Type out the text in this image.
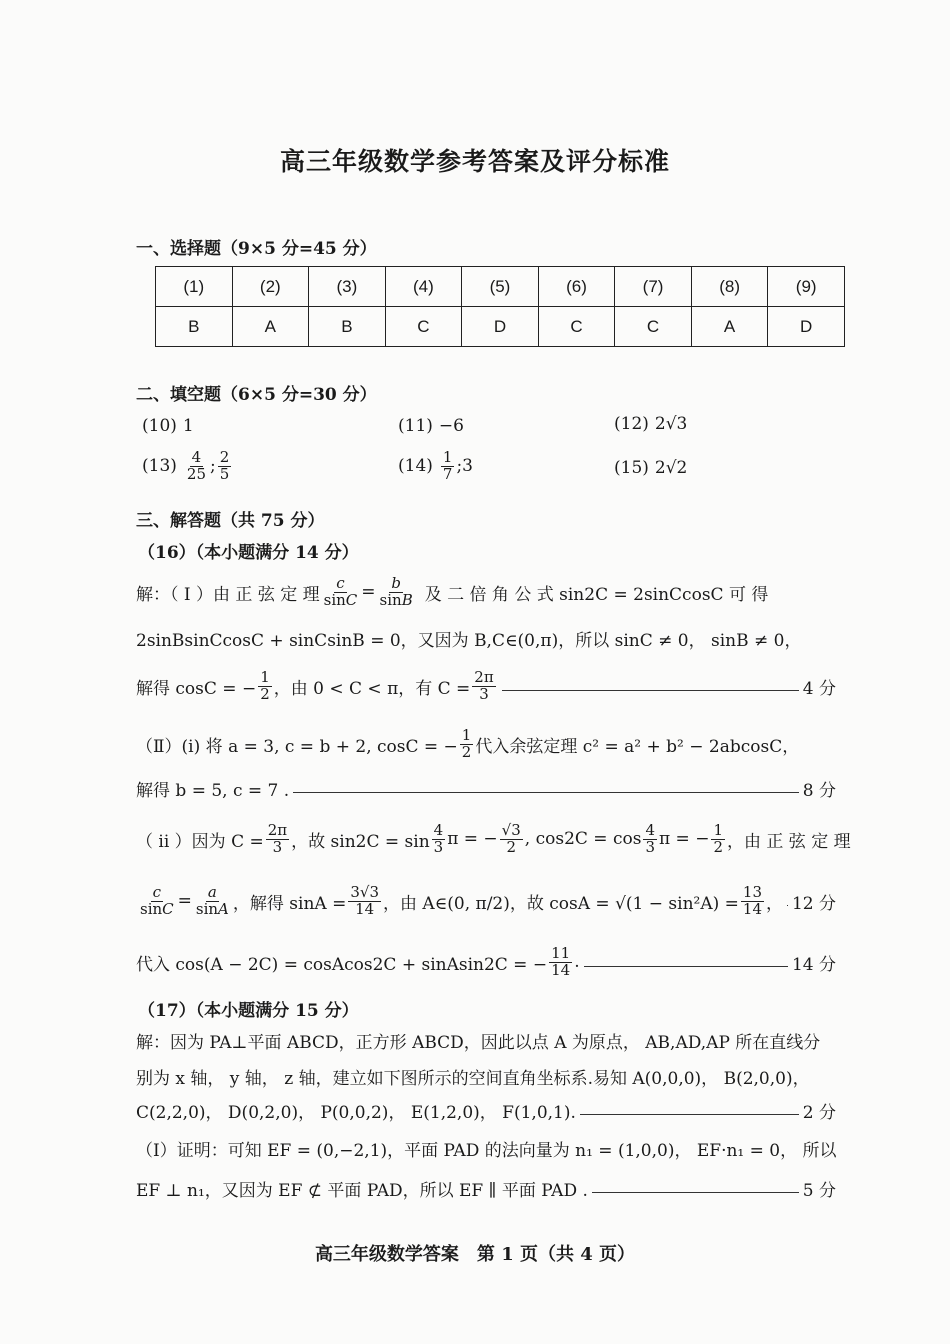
高三年级数学参考答案及评分标准
一、选择题（9×5 分=45 分）
(1)	(2)	(3)	(4)	(5)	(6)	(7)	(8)	(9)
B	A	B	C	D	C	C	A	D
二、填空题（6×5 分=30 分）
(10) 1	(11) −6	(12) 2√3
$(13) \frac{4}{25}$ ; $\frac{2}{5}$	$(14) \frac{1}{7}$ ;3	(15) 2√2
三、解答题（共 75 分）
（16）（本小题满分 14 分）
解：（ Ⅰ ）由 正 弦 定 理 $\frac{c}{\sin C} = \frac{b}{\sin B}$ 及 二 倍 角 公 式 sin2C = 2sinCcosC 可 得
2sinBsinCcosC + sinCsinB = 0，又因为 B,C∈(0,π)，所以 sinC ≠ 0， sinB ≠ 0，
解得 cosC = − $\frac{1}{2}$ ，由 0 < C < π，有 $C = \frac{2\pi}{3}$	4 分
（Ⅱ）(i) 将 a = 3, c = b + 2, cosC = − $\frac{1}{2}$ 代入余弦定理 c² = a² + b² − 2abcosC，
解得 b = 5, c = 7 .	8 分
（ ii ）因为 $C = \frac{2\pi}{3}$ ，故 $\sin 2C = \sin \frac{4}{3}$ π = − $\frac{√3}{2}$ , $\cos 2C = \cos \frac{4}{3}$ π = − $\frac{1}{2}$ ，由 正 弦 定 理
$\frac{c}{\sin C} = \frac{a}{\sin A}$ ，解得 $\sin A = \frac{3√3}{14}$ ，由 A∈(0, π/2)，故 $\cos A = √(1 - \sin^2A) = \frac{13}{14}$ ， 12 分
代入 cos(A − 2C) = cosAcos2C + sinAsin2C = − $\frac{11}{14}$ .	14 分
（17）（本小题满分 15 分）
解：因为 PA⊥平面 ABCD，正方形 ABCD，因此以点 A 为原点， AB,AD,AP 所在直线分
别为 x 轴， y 轴， z 轴，建立如下图所示的空间直角坐标系.易知 A(0,0,0)， B(2,0,0)，
C(2,2,0)， D(0,2,0)， P(0,0,2)， E(1,2,0)， F(1,0,1).	2 分
（Ⅰ）证明：可知 EF = (0,−2,1)，平面 PAD 的法向量为 n₁ = (1,0,0)， EF·n₁ = 0， 所以
EF ⊥ n₁，又因为 EF ⊄ 平面 PAD，所以 EF ∥ 平面 PAD .	5 分
高三年级数学答案　第 1 页（共 4 页）
